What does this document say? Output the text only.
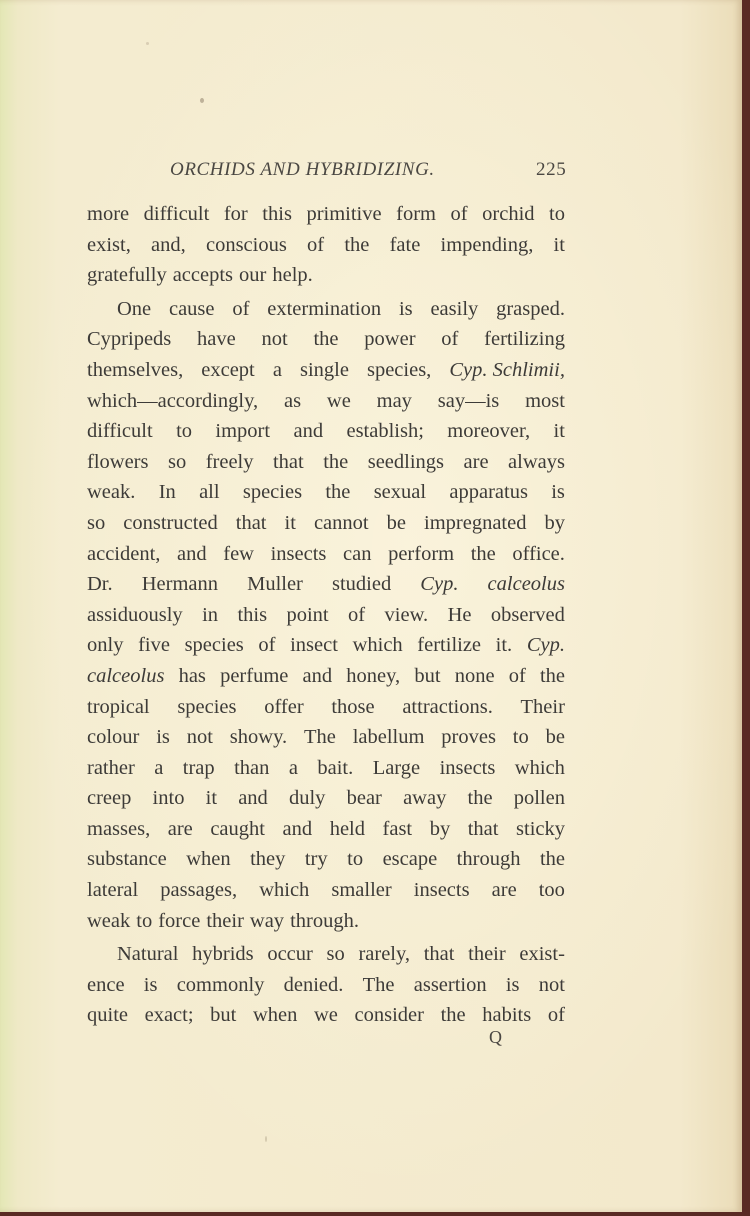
ORCHIDS AND HYBRIDIZING.	225
more difficult for this primitive form of orchid to
exist, and, conscious of the fate impending, it
gratefully accepts our help.
One cause of extermination is easily grasped.
Cypripeds have not the power of fertilizing
themselves, except a single species, Cyp. Schlimii,
which—accordingly, as we may say—is most
difficult to import and establish; moreover, it
flowers so freely that the seedlings are always
weak. In all species the sexual apparatus is
so constructed that it cannot be impregnated by
accident, and few insects can perform the office.
Dr. Hermann Muller studied Cyp. calceolus
assiduously in this point of view. He observed
only five species of insect which fertilize it. Cyp.
calceolus has perfume and honey, but none of the
tropical species offer those attractions. Their
colour is not showy. The labellum proves to be
rather a trap than a bait. Large insects which
creep into it and duly bear away the pollen
masses, are caught and held fast by that sticky
substance when they try to escape through the
lateral passages, which smaller insects are too
weak to force their way through.
Natural hybrids occur so rarely, that their exist-
ence is commonly denied. The assertion is not
quite exact; but when we consider the habits of
Q
